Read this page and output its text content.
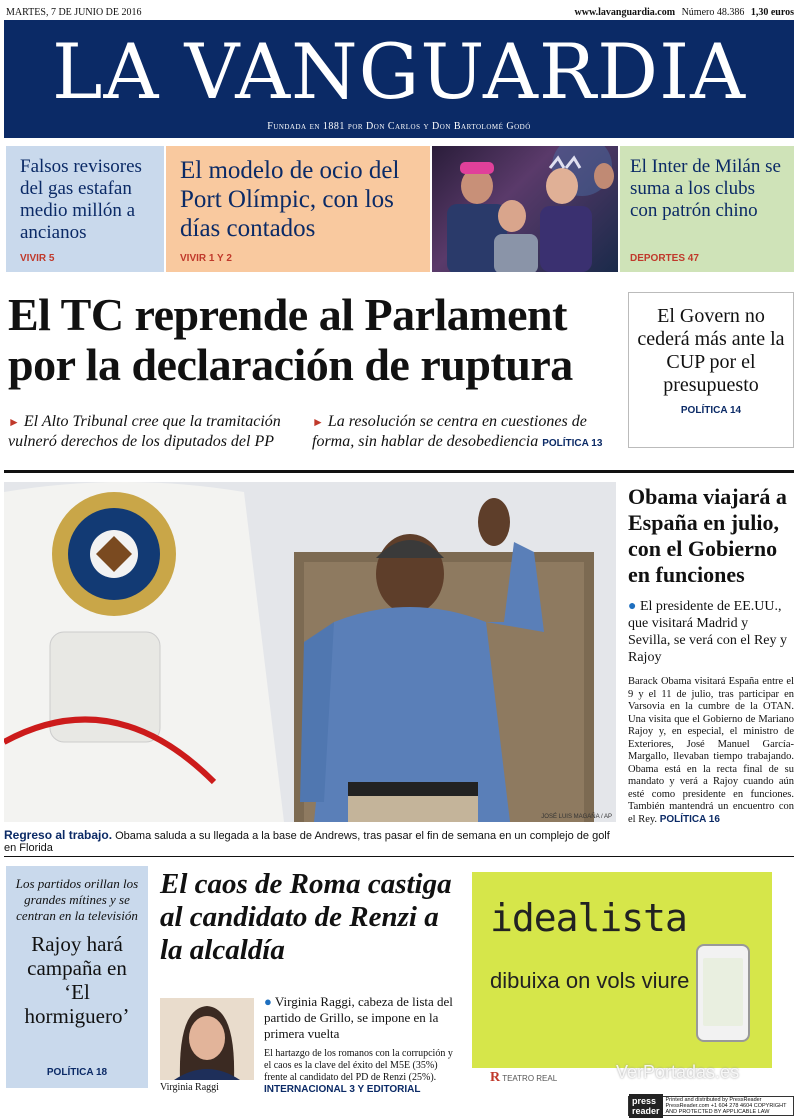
MARTES, 7 DE JUNIO DE 2016	www.lavanguardia.com Número 48.386 1,30 euros
LA VANGUARDIA
Fundada en 1881 por Don Carlos y Don Bartolomé Godó
Falsos revisores del gas estafan medio millón a ancianos
VIVIR 5
El modelo de ocio del Port Olímpic, con los días contados
VIVIR 1 Y 2
El Inter de Milán se suma a los clubs con patrón chino
DEPORTES 47
El TC reprende al Parlament por la declaración de ruptura
► El Alto Tribunal cree que la tramitación vulneró derechos de los diputados del PP
► La resolución se centra en cuestiones de forma, sin hablar de desobediencia POLÍTICA 13
El Govern no cederá más ante la CUP por el presupuesto
POLÍTICA 14
JOSÉ LUIS MAGAÑA / AP
Regreso al trabajo. Obama saluda a su llegada a la base de Andrews, tras pasar el fin de semana en un complejo de golf en Florida
Obama viajará a España en julio, con el Gobierno en funciones
● El presidente de EE.UU., que visitará Madrid y Sevilla, se verá con el Rey y Rajoy
Barack Obama visitará España entre el 9 y el 11 de julio, tras participar en Varsovia en la cumbre de la OTAN. Una visita que el Gobierno de Mariano Rajoy y, en especial, el ministro de Exteriores, José Manuel García-Margallo, llevaban tiempo trabajando. Obama está en la recta final de su mandato y verá a Rajoy cuando aún esté como presidente en funciones. También mantendrá un encuentro con el Rey. POLÍTICA 16
Los partidos orillan los grandes mítines y se centran en la televisión
Rajoy hará campaña en ‘El hormiguero’
POLÍTICA 18
El caos de Roma castiga al candidato de Renzi a la alcaldía
Virginia Raggi
● Virginia Raggi, cabeza de lista del partido de Grillo, se impone en la primera vuelta
El hartazgo de los romanos con la corrupción y el caos es la clave del éxito del M5E (35%) frente al candidato del PD de Renzi (25%). INTERNACIONAL 3 Y EDITORIAL
idealista
dibuixa on vols viure
R TEATRO REAL	VerPortadas.es
press reader
Printed and distributed by PressReader PressReader.com +1 604 278 4604 COPYRIGHT AND PROTECTED BY APPLICABLE LAW
